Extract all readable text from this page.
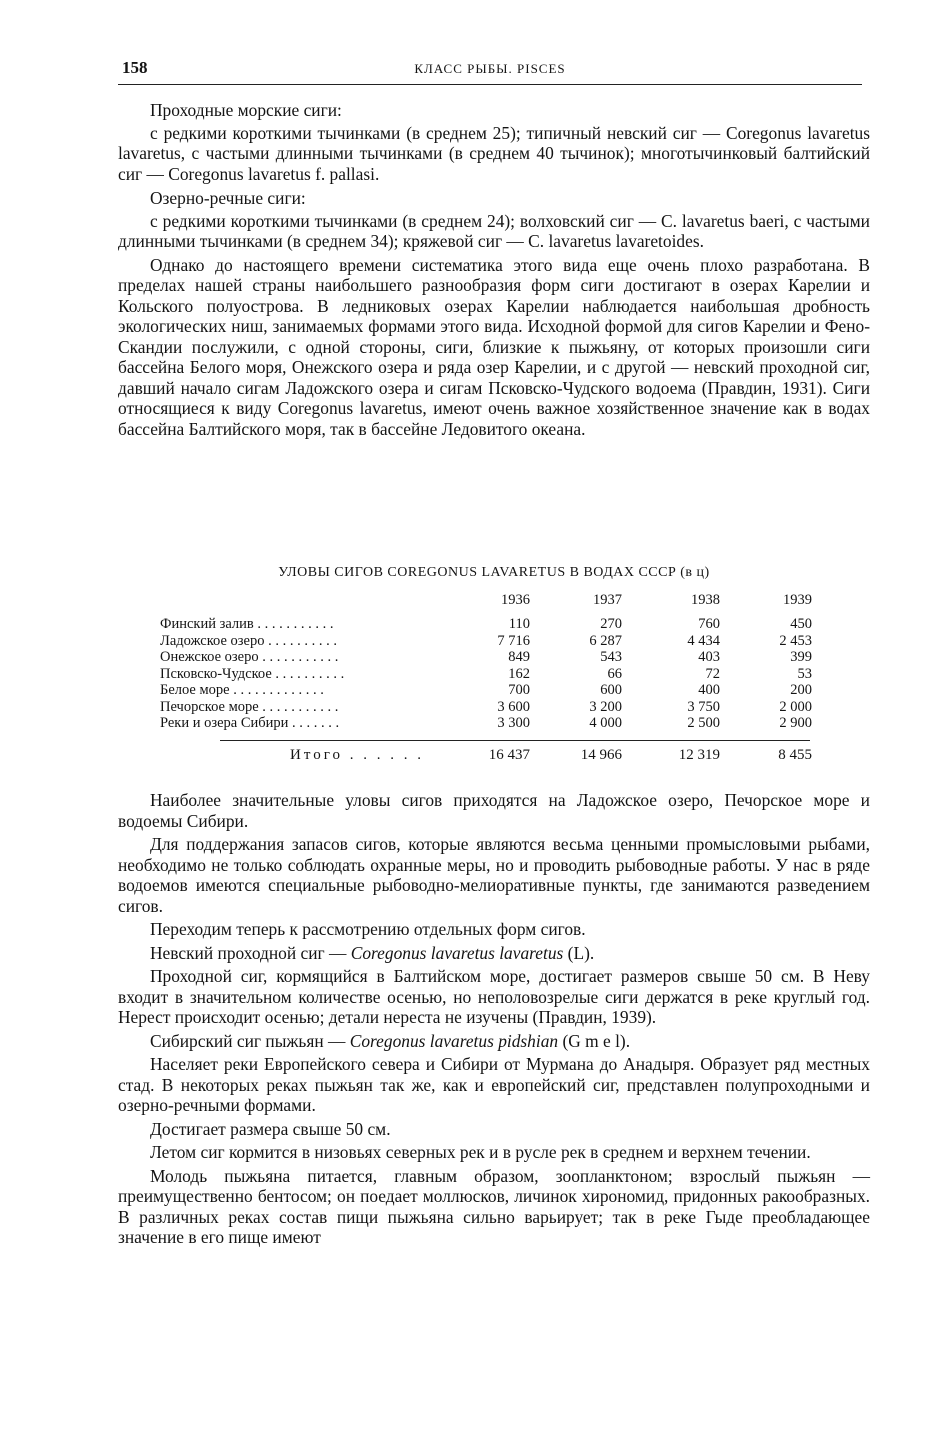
158	КЛАСС РЫБЫ. PISCES

Проходные морские сиги:

с редкими короткими тычинками (в среднем 25); типичный невский сиг — Coregonus lavaretus lavaretus, с частыми длинными тычинками (в среднем 40 тычинок); многотычинковый балтийский сиг — Coregonus lavaretus f. pallasi.

Озерно-речные сиги:

с редкими короткими тычинками (в среднем 24); волховский сиг — C. lavaretus baeri, с частыми длинными тычинками (в среднем 34); кряжевой сиг — C. lavaretus lavaretoides.

Однако до настоящего времени систематика этого вида еще очень плохо разработана. В пределах нашей страны наибольшего разнообразия форм сиги достигают в озерах Карелии и Кольского полуострова. В ледниковых озерах Карелии наблюдается наибольшая дробность экологических ниш, занимаемых формами этого вида. Исходной формой для сигов Карелии и Фено-Скандии послужили, с одной стороны, сиги, близкие к пыжьяну, от которых произошли сиги бассейна Белого моря, Онежского озера и ряда озер Карелии, и с другой — невский проходной сиг, давший начало сигам Ладожского озера и сигам Псковско-Чудского водоема (Правдин, 1931). Сиги относящиеся к виду Coregonus lavaretus, имеют очень важное хозяйственное значение как в водах бассейна Балтийского моря, так в бассейне Ледовитого океана.

УЛОВЫ СИГОВ COREGONUS LAVARETUS В ВОДАХ СССР (в ц)
1936	1937	1938	1939
Финский залив . . . . . . . . . . .	110	270	760	450
Ладожское озеро . . . . . . . . . .	7 716	6 287	4 434	2 453
Онежское озеро . . . . . . . . . . .	849	543	403	399
Псковско-Чудское . . . . . . . . . .	162	66	72	53
Белое море . . . . . . . . . . . . .	700	600	400	200
Печорское море . . . . . . . . . . .	3 600	3 200	3 750	2 000
Реки и озера Сибири . . . . . . .	3 300	4 000	2 500	2 900
Итого . . . . . .	16 437	14 966	12 319	8 455

Наиболее значительные уловы сигов приходятся на Ладожское озеро, Печорское море и водоемы Сибири.

Для поддержания запасов сигов, которые являются весьма ценными промысловыми рыбами, необходимо не только соблюдать охранные меры, но и проводить рыбоводные работы. У нас в ряде водоемов имеются специальные рыбоводно-мелиоративные пункты, где занимаются разведением сигов.

Переходим теперь к рассмотрению отдельных форм сигов.

Невский проходной сиг — Coregonus lavaretus lavaretus (L).

Проходной сиг, кормящийся в Балтийском море, достигает размеров свыше 50 см. В Неву входит в значительном количестве осенью, но неполовозрелые сиги держатся в реке круглый год. Нерест происходит осенью; детали нереста не изучены (Правдин, 1939).

Сибирский сиг пыжьян — Coregonus lavaretus pidshian (G m e l).

Населяет реки Европейского севера и Сибири от Мурмана до Анадыря. Образует ряд местных стад. В некоторых реках пыжьян так же, как и европейский сиг, представлен полупроходными и озерно-речными формами.

Достигает размера свыше 50 см.

Летом сиг кормится в низовьях северных рек и в русле рек в среднем и верхнем течении.

Молодь пыжьяна питается, главным образом, зоопланктоном; взрослый пыжьян — преимущественно бентосом; он поедает моллюсков, личинок хирономид, придонных ракообразных. В различных реках состав пищи пыжьяна сильно варьирует; так в реке Гыде преобладающее значение в его пище имеют
